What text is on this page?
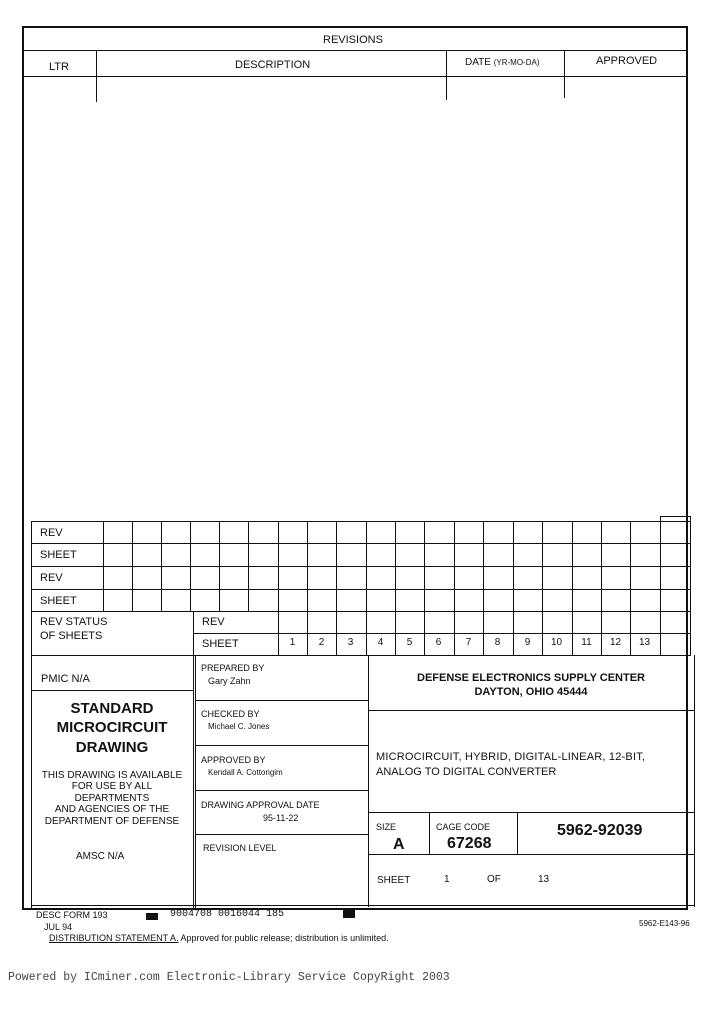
REVISIONS
LTR	DESCRIPTION	DATE (YR-MO-DA)	APPROVED
REV
SHEET
REV
SHEET
REV STATUS
OF SHEETS
REV
SHEET	1	2	3	4	5	6	7	8	9	10	11	12	13
PMIC N/A
STANDARD
MICROCIRCUIT
DRAWING
THIS DRAWING IS AVAILABLE
FOR USE BY ALL
DEPARTMENTS
AND AGENCIES OF THE
DEPARTMENT OF DEFENSE
AMSC N/A
PREPARED BY
Gary Zahn
CHECKED BY
Michael C. Jones
APPROVED BY
Kendall A. Cottongim
DRAWING APPROVAL DATE
95-11-22
REVISION LEVEL
DEFENSE ELECTRONICS SUPPLY CENTER
DAYTON, OHIO 45444
MICROCIRCUIT, HYBRID, DIGITAL-LINEAR, 12-BIT,
ANALOG TO DIGITAL CONVERTER
SIZE
A
CAGE CODE
67268
5962-92039
SHEET	1	OF	13
DESC FORM 193
JUL 94
9004708 0016044 185
DISTRIBUTION STATEMENT A. Approved for public release; distribution is unlimited.
5962-E143-96
Powered by ICminer.com Electronic-Library Service CopyRight 2003
